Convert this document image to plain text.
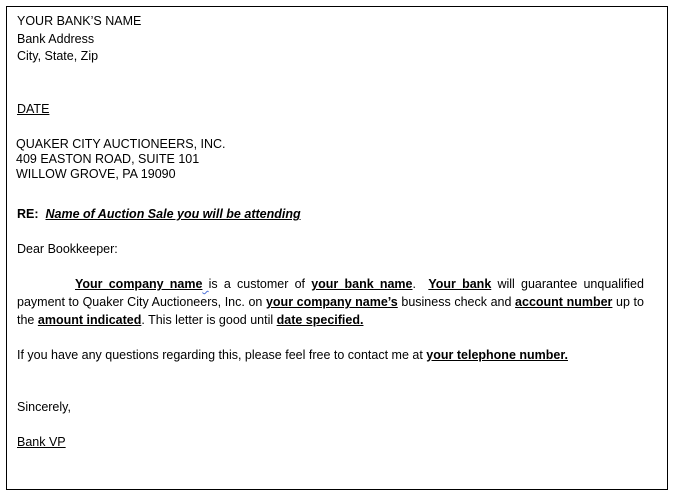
YOUR BANK’S NAME
Bank Address
City, State, Zip
DATE
QUAKER CITY AUCTIONEERS, INC.
409 EASTON ROAD, SUITE 101
WILLOW GROVE, PA 19090
RE: Name of Auction Sale you will be attending
Dear Bookkeeper:
Your company name is a customer of your bank name. Your bank will guarantee unqualified payment to Quaker City Auctioneers, Inc. on your company name’s business check and account number up to the amount indicated. This letter is good until date specified.
If you have any questions regarding this, please feel free to contact me at your telephone number.
Sincerely,
Bank VP
